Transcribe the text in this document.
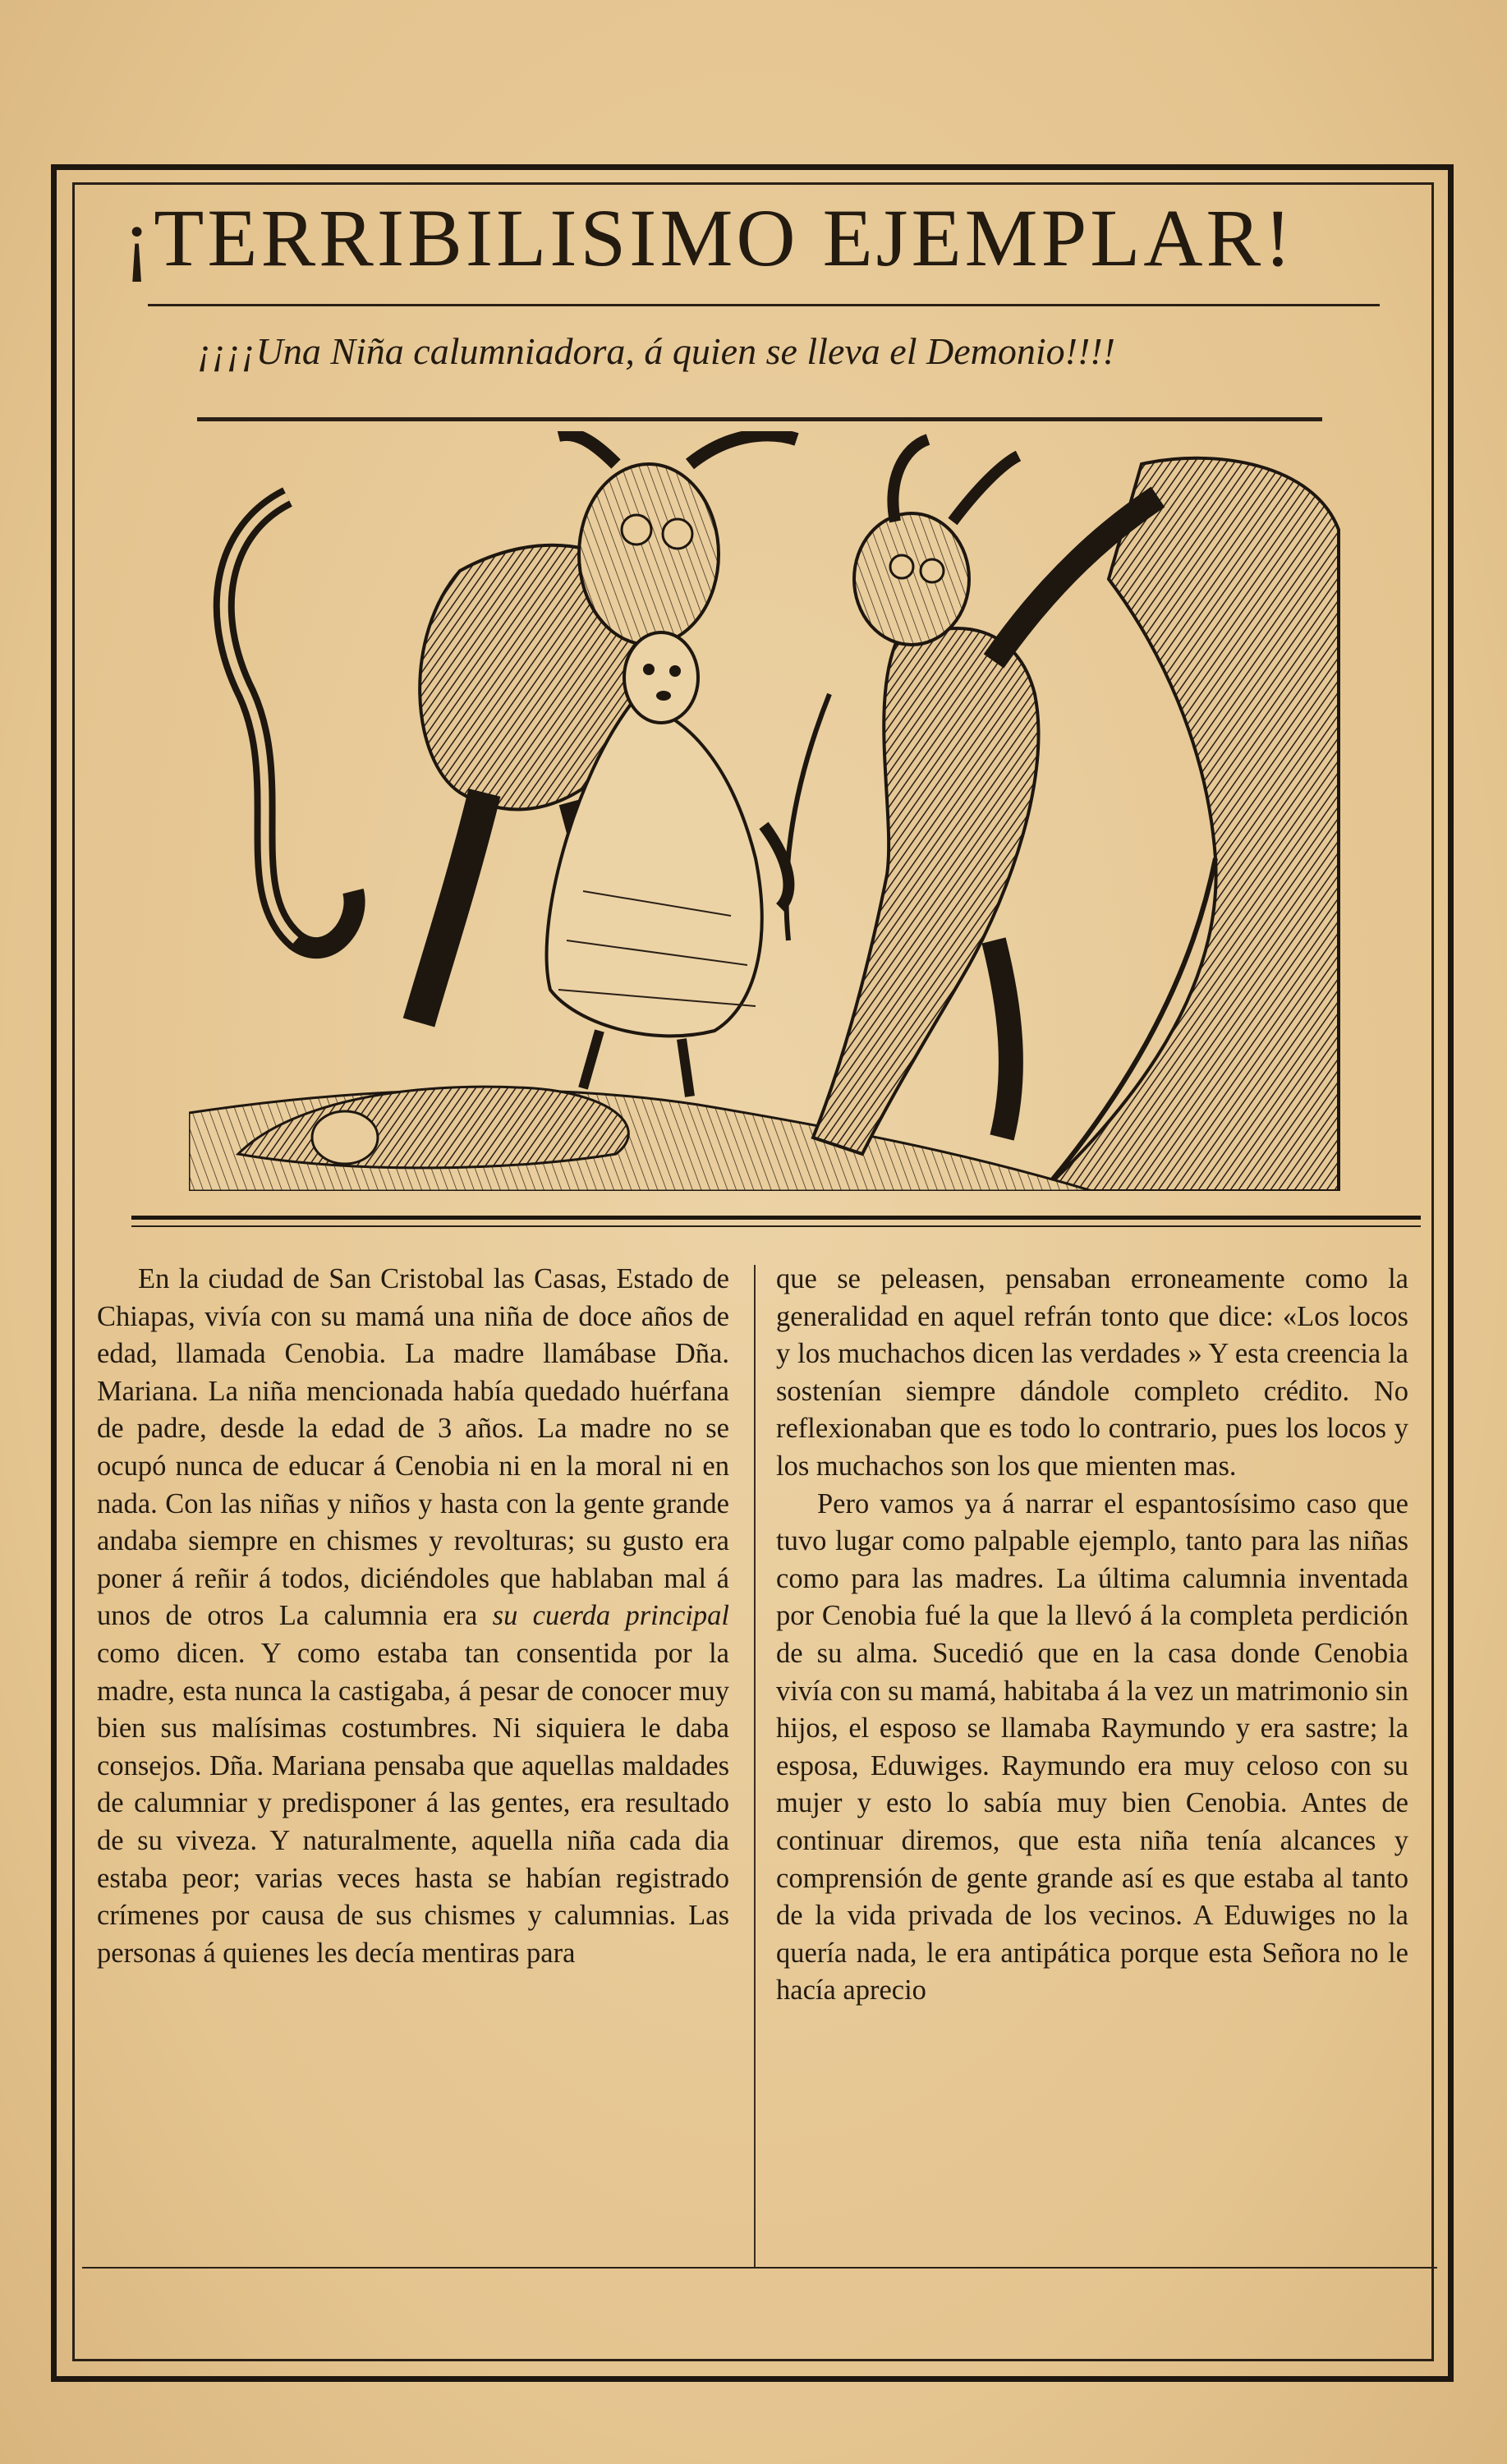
¡TERRIBILISIMO EJEMPLAR!
¡¡¡¡Una Niña calumniadora, á quien se lleva el Demonio!!!!

En la ciudad de San Cristobal las Casas, Estado de Chiapas, vivía con su mamá una niña de doce años de edad, llamada Cenobia. La madre llamábase Dña. Mariana. La niña mencionada había quedado huérfana de padre, desde la edad de 3 años. La madre no se ocupó nunca de educar á Cenobia ni en la moral ni en nada. Con las niñas y niños y hasta con la gente grande andaba siempre en chismes y revolturas; su gusto era poner á reñir á todos, diciéndoles que hablaban mal á unos de otros La calumnia era su cuerda principal como dicen. Y como estaba tan consentida por la madre, esta nunca la castigaba, á pesar de conocer muy bien sus malísimas costumbres. Ni siquiera le daba consejos. Dña. Mariana pensaba que aquellas maldades de calumniar y predisponer á las gentes, era resultado de su viveza. Y naturalmente, aquella niña cada dia estaba peor; varias veces hasta se habían registrado crímenes por causa de sus chismes y calumnias. Las personas á quienes les decía mentiras para

que se peleasen, pensaban erroneamente como la generalidad en aquel refrán tonto que dice: «Los locos y los muchachos dicen las verdades » Y esta creencia la sostenían siempre dándole completo crédito. No reflexionaban que es todo lo contrario, pues los locos y los muchachos son los que mienten mas.

Pero vamos ya á narrar el espantosísimo caso que tuvo lugar como palpable ejemplo, tanto para las niñas como para las madres. La última calumnia inventada por Cenobia fué la que la llevó á la completa perdición de su alma. Sucedió que en la casa donde Cenobia vivía con su mamá, habitaba á la vez un matrimonio sin hijos, el esposo se llamaba Raymundo y era sastre; la esposa, Eduwiges. Raymundo era muy celoso con su mujer y esto lo sabía muy bien Cenobia. Antes de continuar diremos, que esta niña tenía alcances y comprensión de gente grande así es que estaba al tanto de la vida privada de los vecinos. A Eduwiges no la quería nada, le era antipática porque esta Señora no le hacía aprecio
